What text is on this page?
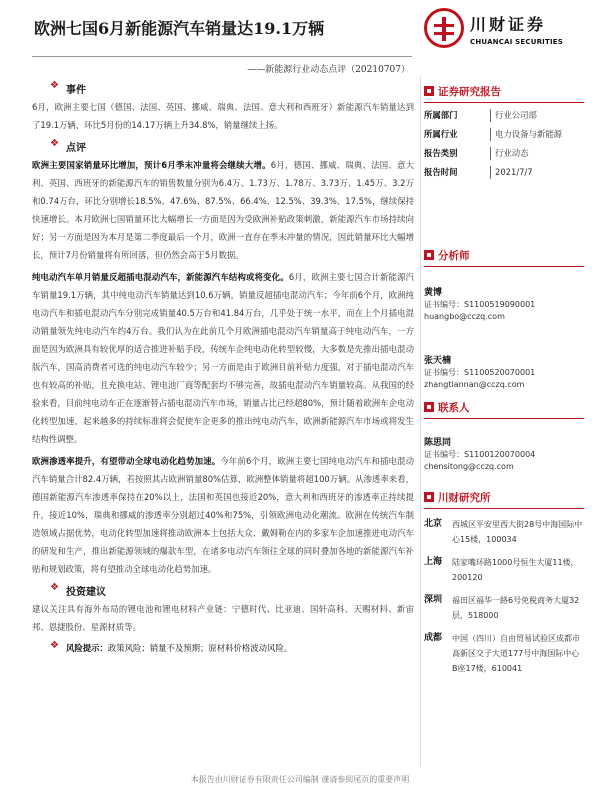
欧洲七国6月新能源汽车销量达19.1万辆
——新能源行业动态点评（20210707）
川财证券
CHUANCAI SECURITIES
❖
事件

6月，欧洲主要七国（德国、法国、英国、挪威、瑞典、法国、意大利和西班牙）新能源汽车销量达到了19.1万辆，环比5月份的14.17万辆上升34.8%，销量继续上扬。

❖
点评

欧洲主要国家销量环比增加，预计6月季末冲量将会继续大增。6月，德国、挪威、瑞典、法国、意大利、英国、西班牙的新能源汽车的销售数量分别为6.4万、1.73万、1.78万、3.73万、1.45万、3.2万和0.74万台，环比分别增长18.5%、47.6%、87.5%、66.4%、12.5%、39.3%、17.5%，继续保持快速增长。本月欧洲七国销量环比大幅增长一方面是因为受欧洲补贴政策刺激，新能源汽车市场持续向好；另一方面是因为本月是第二季度最后一个月，欧洲一直存在季末冲量的情况，因此销量环比大幅增长，预计7月份销量将有所回落，但仍然会高于5月数据。

纯电动汽车单月销量反超插电混动汽车，新能源汽车结构或将变化。6月，欧洲主要七国合计新能源汽车销量19.1万辆，其中纯电动汽车销量达到10.6万辆，销量反超插电混动汽车；今年前6个月，欧洲纯电动汽车和插电混动汽车分别完成销量40.5万台和41.84万台，几乎处于统一水平，而在上个月插电混动销量领先纯电动汽车约4万台。我们认为在此前几个月欧洲插电混动汽车销量高于纯电动汽车，一方面是因为欧洲具有较优厚的适合推进补贴手段，传统车企纯电动化转型较慢，大多数是先推出插电混动版汽车，国高消费者可选的纯电动汽车较少；另一方面是由于欧洲目前补贴力度强，对于插电混动汽车也有较高的补贴，且充换电站、锂电池厂商等配套均不够完善，故插电混动汽车销量较高。从我国的经验来看，目前纯电动车正在逐渐替占插电混动汽车市场，销量占比已经超80%，预计随着欧洲车企电动化转型加速，起来越多的持续标准将会促使车企更多的推出纯电动汽车，欧洲新能源汽车市场或将发生结构性调整。

欧洲渗透率提升，有望带动全球电动化趋势加速。今年前6个月，欧洲主要七国纯电动汽车和插电混动汽车销量合计82.4万辆，若按照其占欧洲销量80%估算，欧洲整体销量将超100万辆。从渗透率来看，德国新能源汽车渗透率保持在20%以上，法国和英国也接近20%，意大利和西班牙的渗透率正持续提升，接近10%，瑞典和挪威的渗透率分别超过40%和75%，引领欧洲电动化潮流。欧洲在传统汽车制造领域占据优势，电动化转型加速将推动欧洲本土包括大众、戴姆勒在内的多家车企加速推进电动汽车的研发和生产，推出新能源领域的爆款车型，在诸多电动汽车领往全球的同时叠加各地的新能源汽车补贴和规划政策，将有望推动全球电动化趋势加速。

❖
投资建议

建议关注具有海外布局的锂电池和锂电材料产业链：宁德时代、比亚迪、国轩高科、天赐材料、新宙邦、恩捷股份、星源材质等。

❖
风险提示：政策风险；销量不及预期；原材料价格波动风险。
证券研究报告
所属部门	行业公司部
所属行业	电力设备与新能源
报告类别	行业动态
报告时间	2021/7/7
分析师
黄博
证书编号：S1100519090001
huangbo@cczq.com
张天楠
证书编号：S1100520070001
zhangtiannan@cczq.com
联系人
陈思同
证书编号：S1100120070004
chensitong@cczq.com
川财研究所
北京	西城区平安里西大街28号中海国际中心15楼，100034
上海	陆家嘴环路1000号恒生大厦11楼，200120
深圳	福田区福华一路6号免税商务大厦32层，518000
成都	中国（四川）自由贸易试验区成都市高新区交子大道177号中海国际中心B座17楼，610041
本报告由川财证券有限责任公司编制 谨请参阅尾页的重要声明
